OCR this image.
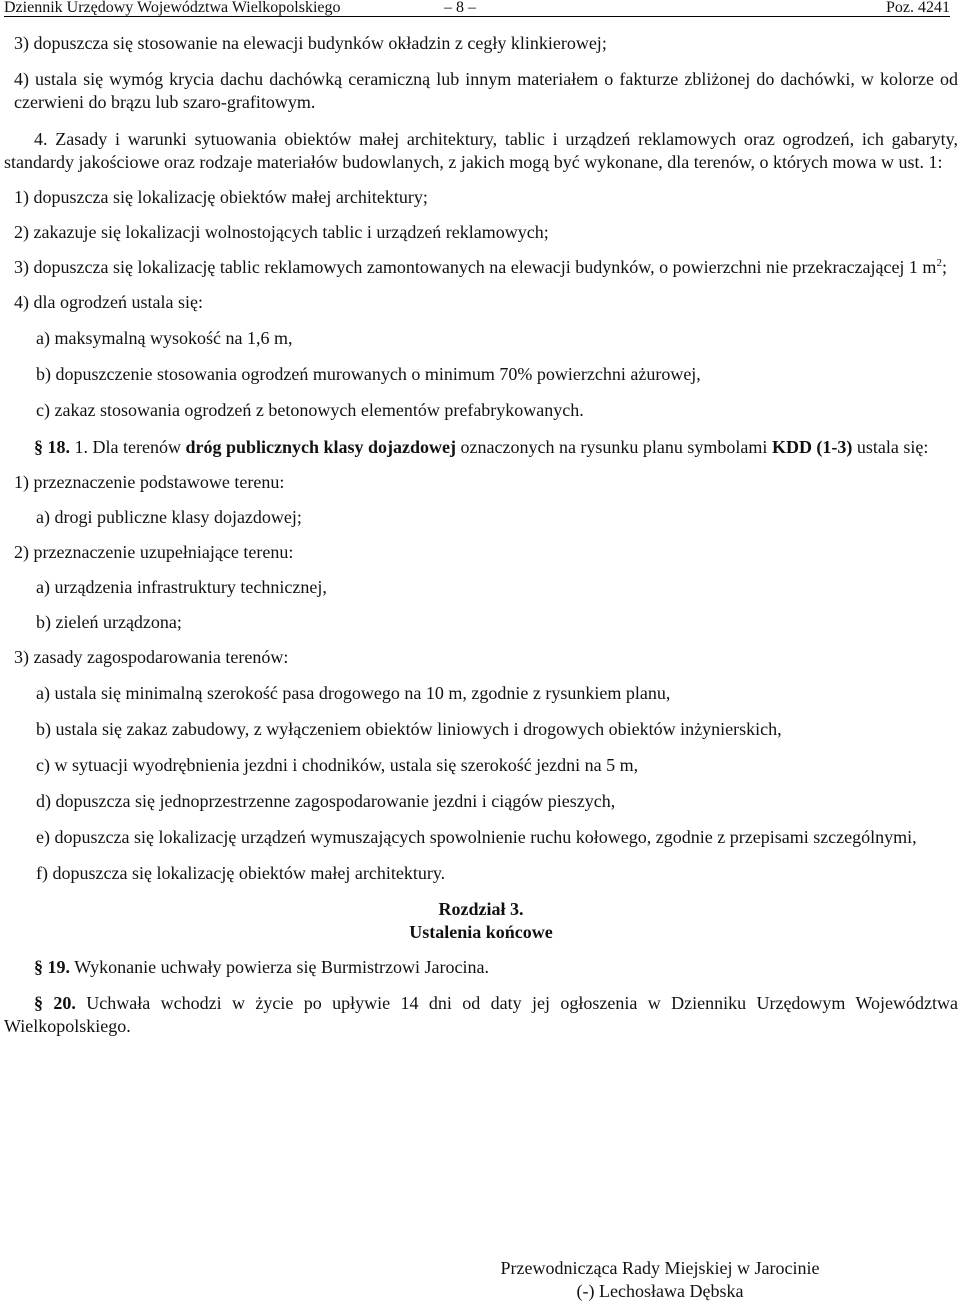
Dziennik Urzędowy Województwa Wielkopolskiego	– 8 –	Poz. 4241

3) dopuszcza się stosowanie na elewacji budynków okładzin z cegły klinkierowej;

4) ustala się wymóg krycia dachu dachówką ceramiczną lub innym materiałem o fakturze zbliżonej do dachówki, w kolorze od czerwieni do brązu lub szaro-grafitowym.

4. Zasady i warunki sytuowania obiektów małej architektury, tablic i urządzeń reklamowych oraz ogrodzeń, ich gabaryty, standardy jakościowe oraz rodzaje materiałów budowlanych, z jakich mogą być wykonane, dla terenów, o których mowa w ust. 1:

1) dopuszcza się lokalizację obiektów małej architektury;

2) zakazuje się lokalizacji wolnostojących tablic i urządzeń reklamowych;

3) dopuszcza się lokalizację tablic reklamowych zamontowanych na elewacji budynków, o powierzchni nie przekraczającej 1 $m^2$;

4) dla ogrodzeń ustala się:

a) maksymalną wysokość na 1,6 m,

b) dopuszczenie stosowania ogrodzeń murowanych o minimum 70% powierzchni ażurowej,

c) zakaz stosowania ogrodzeń z betonowych elementów prefabrykowanych.

§ 18. 1. Dla terenów dróg publicznych klasy dojazdowej oznaczonych na rysunku planu symbolami KDD (1-3) ustala się:

1) przeznaczenie podstawowe terenu:

a) drogi publiczne klasy dojazdowej;

2) przeznaczenie uzupełniające terenu:

a) urządzenia infrastruktury technicznej,

b) zieleń urządzona;

3) zasady zagospodarowania terenów:

a) ustala się minimalną szerokość pasa drogowego na 10 m, zgodnie z rysunkiem planu,

b) ustala się zakaz zabudowy, z wyłączeniem obiektów liniowych i drogowych obiektów inżynierskich,

c) w sytuacji wyodrębnienia jezdni i chodników, ustala się szerokość jezdni na 5 m,

d) dopuszcza się jednoprzestrzenne zagospodarowanie jezdni i ciągów pieszych,

e) dopuszcza się lokalizację urządzeń wymuszających spowolnienie ruchu kołowego, zgodnie z przepisami szczególnymi,

f) dopuszcza się lokalizację obiektów małej architektury.

Rozdział 3.

Ustalenia końcowe

§ 19. Wykonanie uchwały powierza się Burmistrzowi Jarocina.

§ 20. Uchwała wchodzi w życie po upływie 14 dni od daty jej ogłoszenia w Dzienniku Urzędowym Województwa Wielkopolskiego.

Przewodnicząca Rady Miejskiej w Jarocinie
(-) Lechosława Dębska
